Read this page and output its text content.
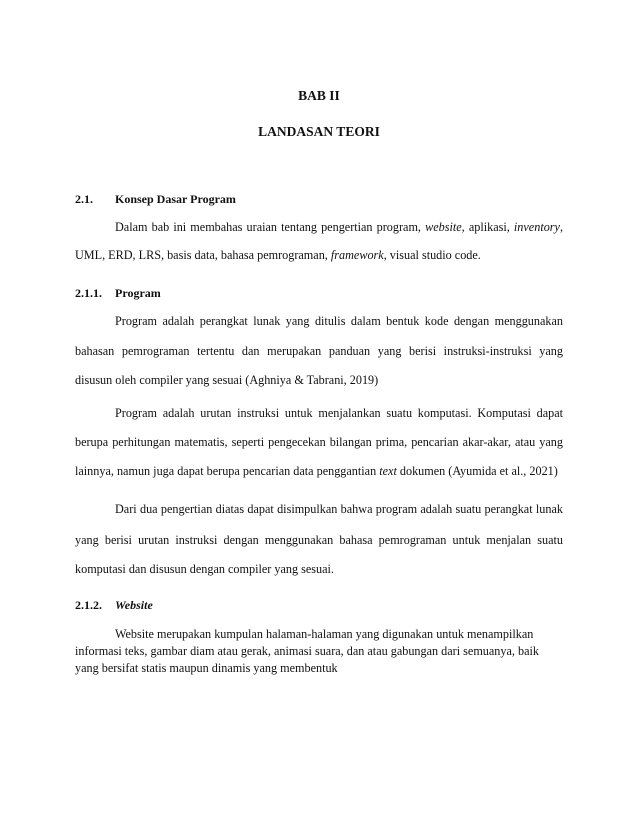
BAB II
LANDASAN TEORI
2.1. Konsep Dasar Program
Dalam bab ini membahas uraian tentang pengertian program, website, aplikasi, inventory,
UML, ERD, LRS, basis data, bahasa pemrograman, framework, visual studio code.
2.1.1. Program
Program adalah perangkat lunak yang ditulis dalam bentuk kode dengan menggunakan
bahasan pemrograman tertentu dan merupakan panduan yang berisi instruksi-instruksi yang
disusun oleh compiler yang sesuai (Aghniya & Tabrani, 2019)
Program adalah urutan instruksi untuk menjalankan suatu komputasi. Komputasi dapat
berupa perhitungan matematis, seperti pengecekan bilangan prima, pencarian akar-akar, atau yang
lainnya, namun juga dapat berupa pencarian data penggantian text dokumen (Ayumida et al., 2021)
Dari dua pengertian diatas dapat disimpulkan bahwa program adalah suatu perangkat lunak
yang berisi urutan instruksi dengan menggunakan bahasa pemrograman untuk menjalan suatu
komputasi dan disusun dengan compiler yang sesuai.
2.1.2. Website
Website merupakan kumpulan halaman-halaman yang digunakan untuk menampilkan
informasi teks, gambar diam atau gerak, animasi suara, dan atau gabungan dari semuanya, baik
yang bersifat statis maupun dinamis yang membentuk
